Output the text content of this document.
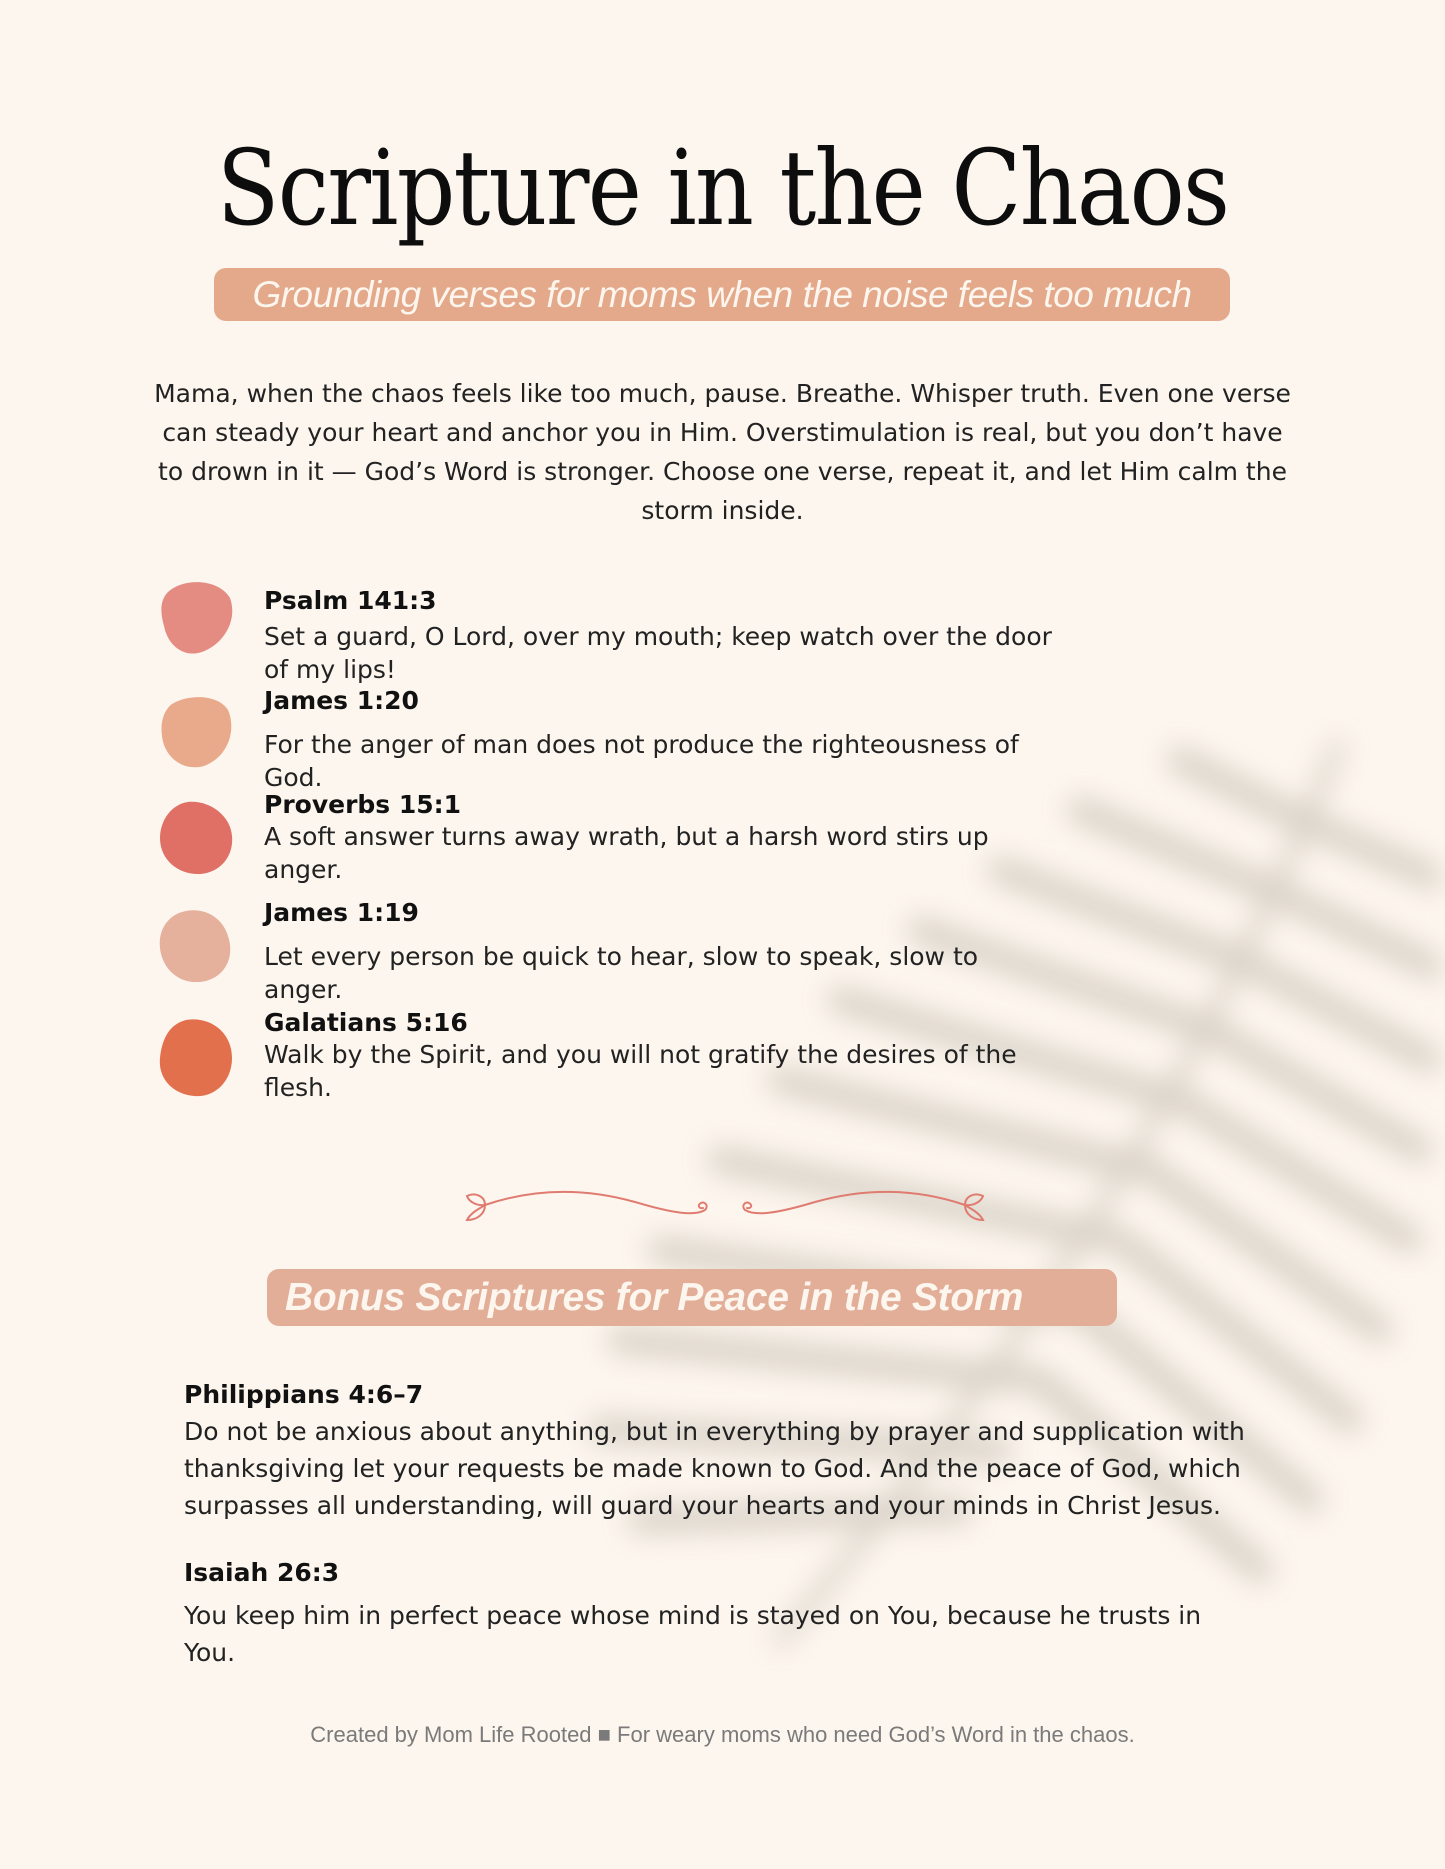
Scripture in the Chaos
Grounding verses for moms when the noise feels too much
Mama, when the chaos feels like too much, pause. Breathe. Whisper truth. Even one verse can steady your heart and anchor you in Him. Overstimulation is real, but you don’t have to drown in it — God’s Word is stronger. Choose one verse, repeat it, and let Him calm the storm inside.
Psalm 141:3
Set a guard, O Lord, over my mouth; keep watch over the door of my lips!
James 1:20
For the anger of man does not produce the righteousness of God.
Proverbs 15:1
A soft answer turns away wrath, but a harsh word stirs up anger.
James 1:19
Let every person be quick to hear, slow to speak, slow to anger.
Galatians 5:16
Walk by the Spirit, and you will not gratify the desires of the flesh.
Bonus Scriptures for Peace in the Storm
Philippians 4:6–7
Do not be anxious about anything, but in everything by prayer and supplication with thanksgiving let your requests be made known to God. And the peace of God, which surpasses all understanding, will guard your hearts and your minds in Christ Jesus.
Isaiah 26:3
You keep him in perfect peace whose mind is stayed on You, because he trusts in You.
Created by Mom Life Rooted ■ For weary moms who need God’s Word in the chaos.
